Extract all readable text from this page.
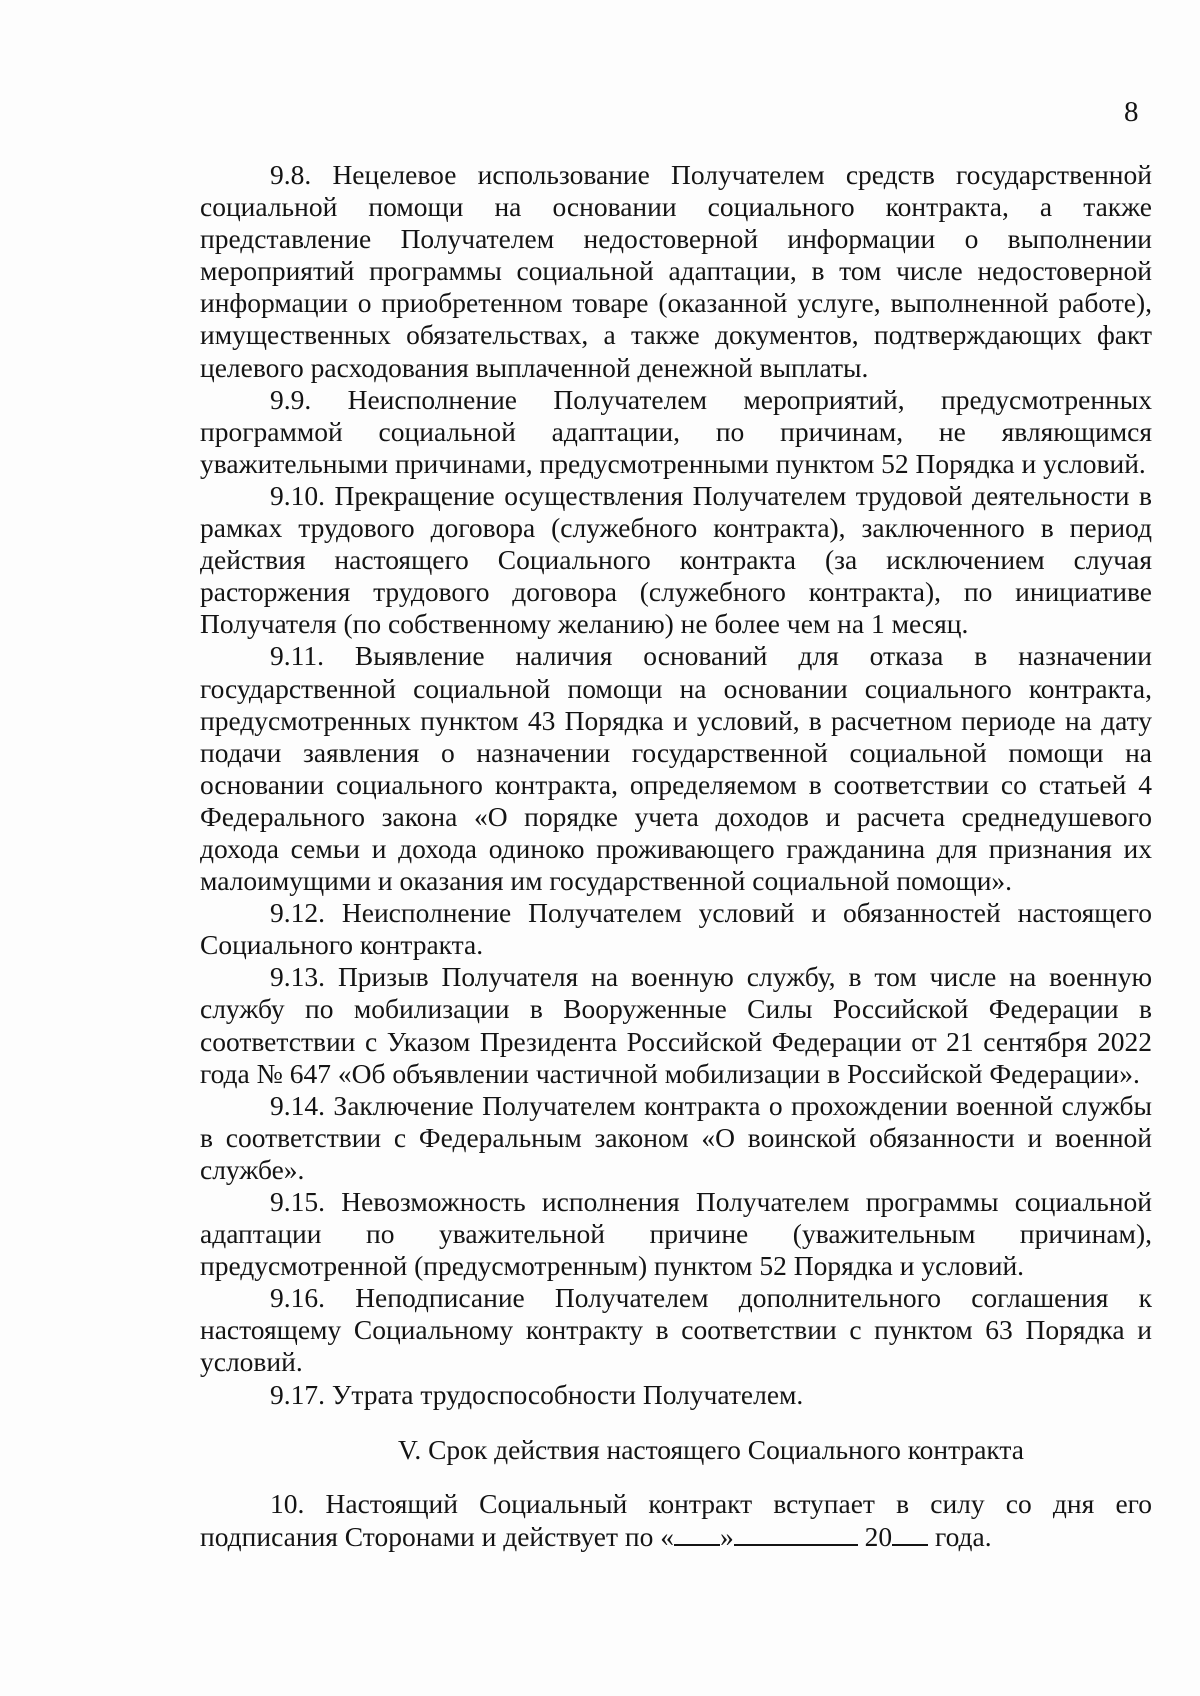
8

9.8. Нецелевое использование Получателем средств государственной социальной помощи на основании социального контракта, а также представление Получателем недостоверной информации о выполнении мероприятий программы социальной адаптации, в том числе недостоверной информации о приобретенном товаре (оказанной услуге, выполненной работе), имущественных обязательствах, а также документов, подтверждающих факт целевого расходования выплаченной денежной выплаты.

9.9. Неисполнение Получателем мероприятий, предусмотренных программой социальной адаптации, по причинам, не являющимся уважительными причинами, предусмотренными пунктом 52 Порядка и условий.

9.10. Прекращение осуществления Получателем трудовой деятельности в рамках трудового договора (служебного контракта), заключенного в период действия настоящего Социального контракта (за исключением случая расторжения трудового договора (служебного контракта), по инициативе Получателя (по собственному желанию) не более чем на 1 месяц.

9.11. Выявление наличия оснований для отказа в назначении государственной социальной помощи на основании социального контракта, предусмотренных пунктом 43 Порядка и условий, в расчетном периоде на дату подачи заявления о назначении государственной социальной помощи на основании социального контракта, определяемом в соответствии со статьей 4 Федерального закона «О порядке учета доходов и расчета среднедушевого дохода семьи и дохода одиноко проживающего гражданина для признания их малоимущими и оказания им государственной социальной помощи».

9.12. Неисполнение Получателем условий и обязанностей настоящего Социального контракта.

9.13. Призыв Получателя на военную службу, в том числе на военную службу по мобилизации в Вооруженные Силы Российской Федерации в соответствии с Указом Президента Российской Федерации от 21 сентября 2022 года № 647 «Об объявлении частичной мобилизации в Российской Федерации».

9.14. Заключение Получателем контракта о прохождении военной службы в соответствии с Федеральным законом «О воинской обязанности и военной службе».

9.15. Невозможность исполнения Получателем программы социальной адаптации по уважительной причине (уважительным причинам), предусмотренной (предусмотренным) пунктом 52 Порядка и условий.

9.16. Неподписание Получателем дополнительного соглашения к настоящему Социальному контракту в соответствии с пунктом 63 Порядка и условий.

9.17. Утрата трудоспособности Получателем.

V. Срок действия настоящего Социального контракта

10. Настоящий Социальный контракт вступает в силу со дня его подписания Сторонами и действует по « »	20 года.
